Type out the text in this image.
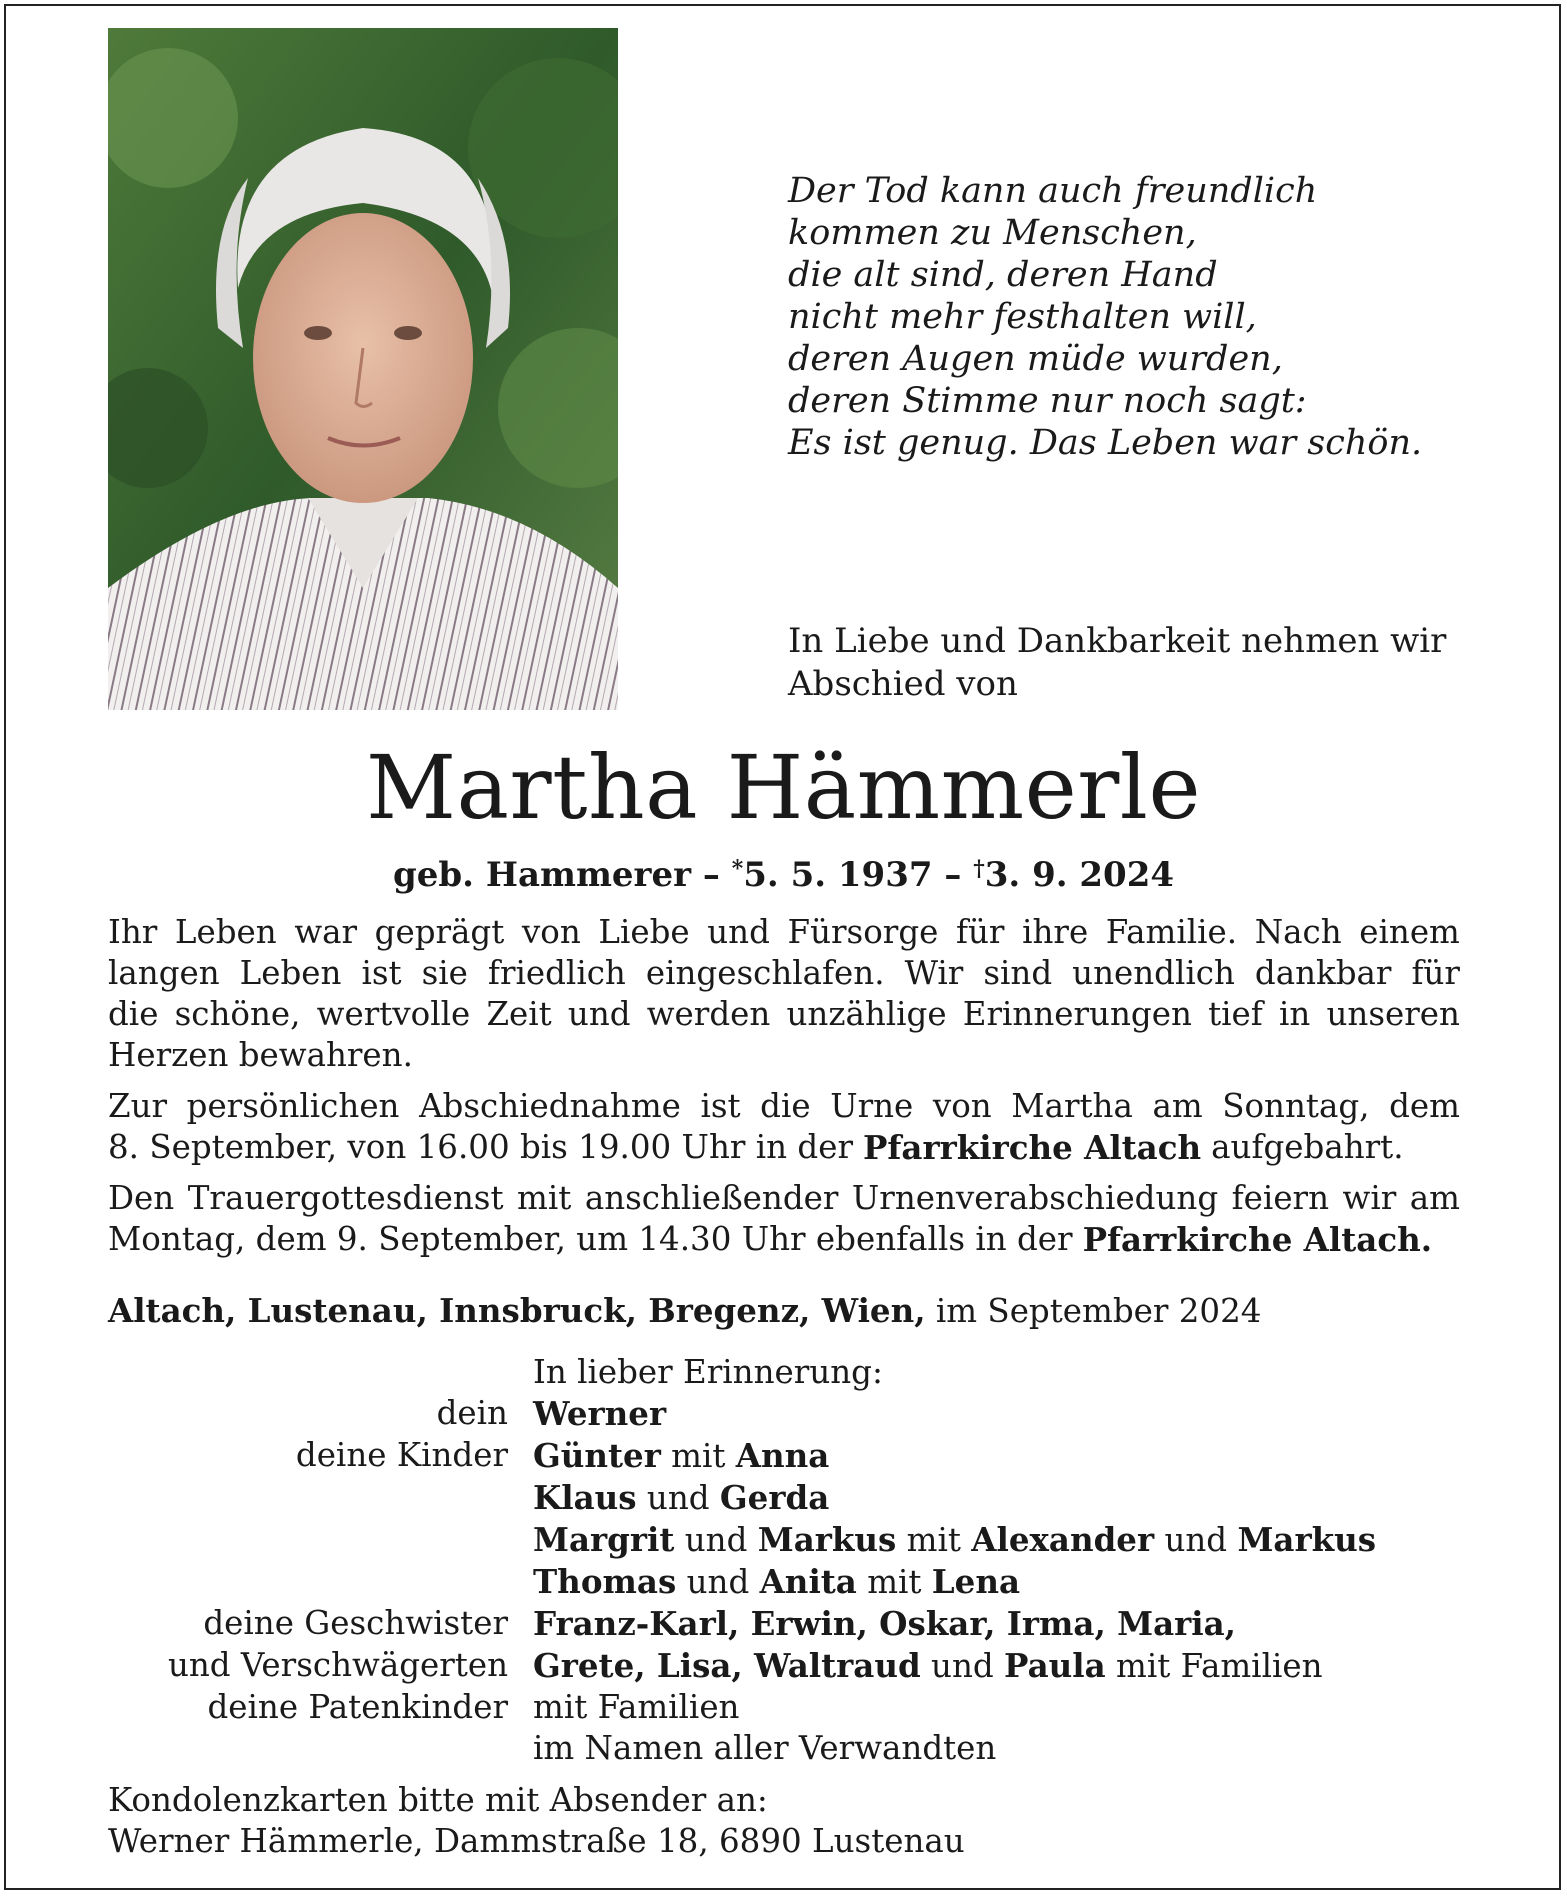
Der Tod kann auch freundlich
kommen zu Menschen,
die alt sind, deren Hand
nicht mehr festhalten will,
deren Augen müde wurden,
deren Stimme nur noch sagt:
Es ist genug. Das Leben war schön.
In Liebe und Dankbarkeit nehmen wir
Abschied von
Martha Hämmerle
geb. Hammerer – *5. 5. 1937 – †3. 9. 2024

Ihr Leben war geprägt von Liebe und Fürsorge für ihre Familie. Nach einem
langen Leben ist sie friedlich eingeschlafen. Wir sind unendlich dankbar für
die schöne, wertvolle Zeit und werden unzählige Erinnerungen tief in unseren
Herzen bewahren.

Zur persönlichen Abschiednahme ist die Urne von Martha am Sonntag, dem
8. September, von 16.00 bis 19.00 Uhr in der Pfarrkirche Altach aufgebahrt.

Den Trauergottesdienst mit anschließender Urnenverabschiedung feiern wir am
Montag, dem 9. September, um 14.30 Uhr ebenfalls in der Pfarrkirche Altach.

Altach, Lustenau, Innsbruck, Bregenz, Wien, im September 2024
In lieber Erinnerung:
dein Werner
deine Kinder Günter mit Anna
Klaus und Gerda
Margrit und Markus mit Alexander und Markus
Thomas und Anita mit Lena
deine Geschwister Franz-Karl, Erwin, Oskar, Irma, Maria,
und Verschwägerten Grete, Lisa, Waltraud und Paula mit Familien
deine Patenkinder mit Familien
im Namen aller Verwandten
Kondolenzkarten bitte mit Absender an:
Werner Hämmerle, Dammstraße 18, 6890 Lustenau
